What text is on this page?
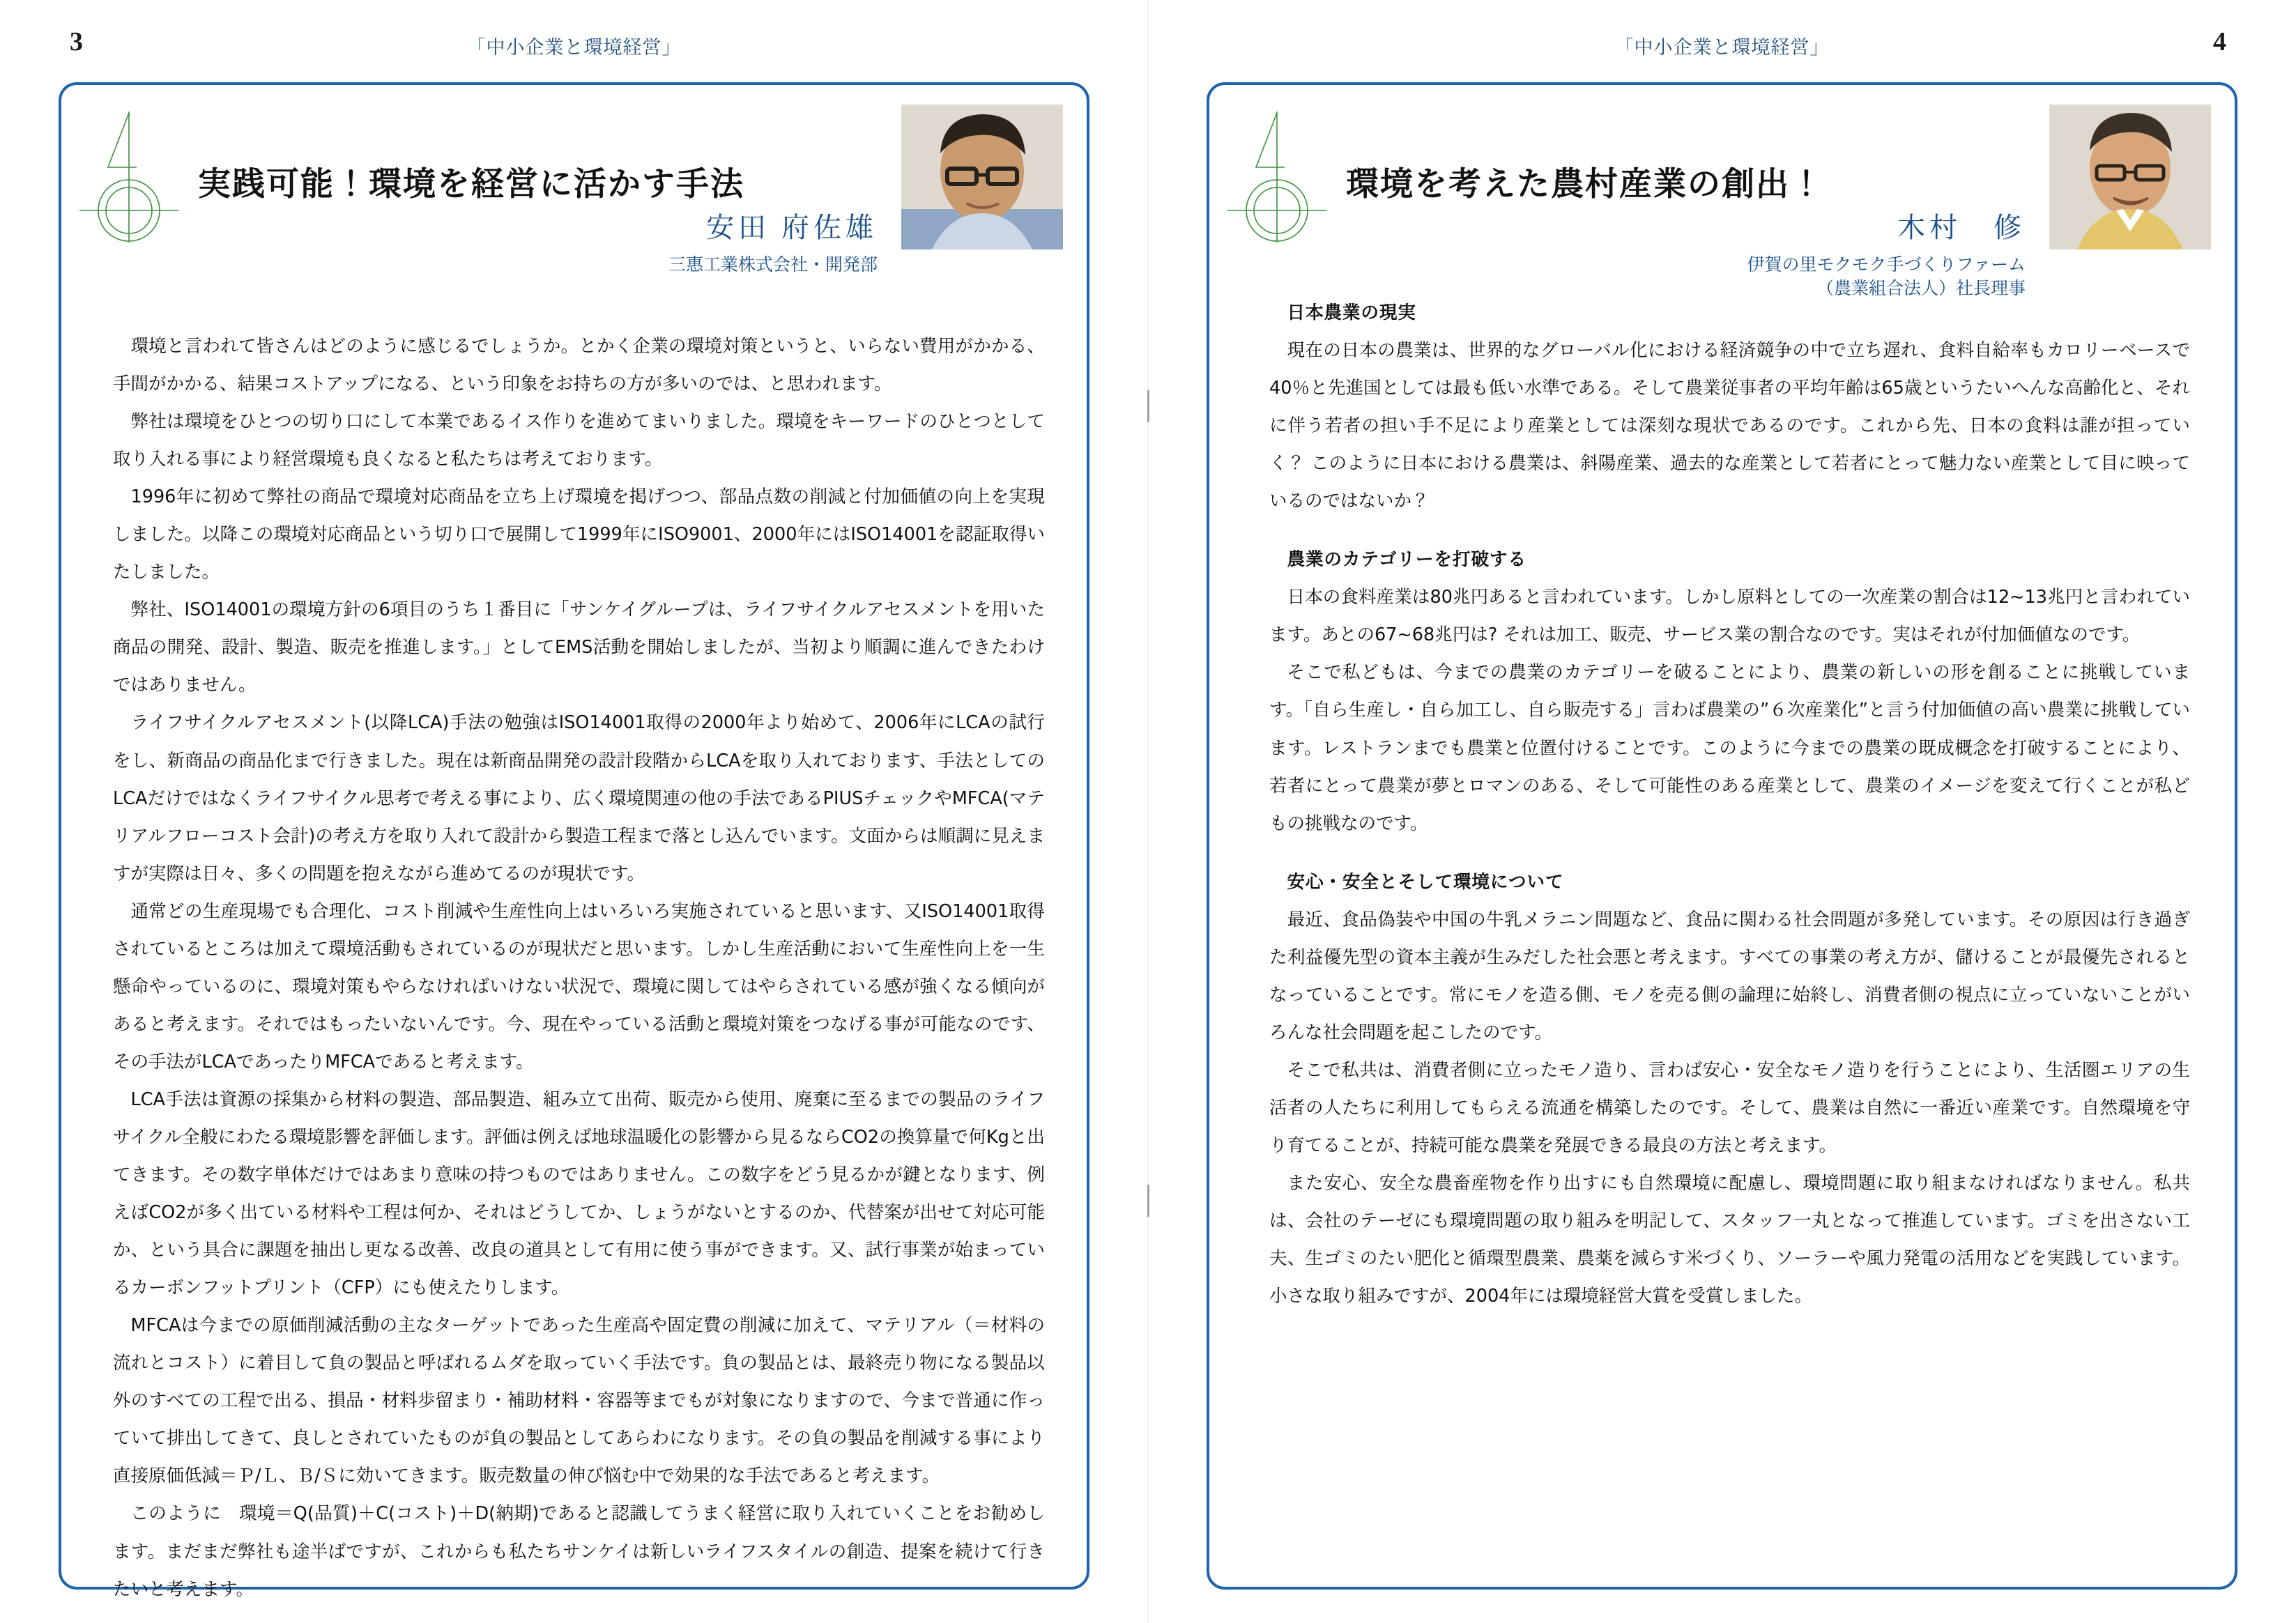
3	「中小企業と環境経営」
実践可能！環境を経営に活かす手法
安田 府佐雄
三惠工業株式会社・開発部

環境と言われて皆さんはどのように感じるでしょうか。とかく企業の環境対策というと、いらない費用がかかる、手間がかかる、結果コストアップになる、という印象をお持ちの方が多いのでは、と思われます。

弊社は環境をひとつの切り口にして本業であるイス作りを進めてまいりました。環境をキーワードのひとつとして取り入れる事により経営環境も良くなると私たちは考えております。

1996年に初めて弊社の商品で環境対応商品を立ち上げ環境を掲げつつ、部品点数の削減と付加価値の向上を実現しました。以降この環境対応商品という切り口で展開して1999年にISO9001、2000年にはISO14001を認証取得いたしました。

弊社、ISO14001の環境方針の6項目のうち１番目に「サンケイグループは、ライフサイクルアセスメントを用いた商品の開発、設計、製造、販売を推進します。」としてEMS活動を開始しましたが、当初より順調に進んできたわけではありません。

ライフサイクルアセスメント(以降LCA)手法の勉強はISO14001取得の2000年より始めて、2006年にLCAの試行をし、新商品の商品化まで行きました。現在は新商品開発の設計段階からLCAを取り入れております、手法としてのLCAだけではなくライフサイクル思考で考える事により、広く環境関連の他の手法であるPIUSチェックやMFCA(マテリアルフローコスト会計)の考え方を取り入れて設計から製造工程まで落とし込んでいます。文面からは順調に見えますが実際は日々、多くの問題を抱えながら進めてるのが現状です。

通常どの生産現場でも合理化、コスト削減や生産性向上はいろいろ実施されていると思います、又ISO14001取得されているところは加えて環境活動もされているのが現状だと思います。しかし生産活動において生産性向上を一生懸命やっているのに、環境対策もやらなければいけない状況で、環境に関してはやらされている感が強くなる傾向があると考えます。それではもったいないんです。今、現在やっている活動と環境対策をつなげる事が可能なのです、その手法がLCAであったりMFCAであると考えます。

LCA手法は資源の採集から材料の製造、部品製造、組み立て出荷、販売から使用、廃棄に至るまでの製品のライフサイクル全般にわたる環境影響を評価します。評価は例えば地球温暖化の影響から見るならCO2の換算量で何Kgと出てきます。その数字単体だけではあまり意味の持つものではありません。この数字をどう見るかが鍵となります、例えばCO2が多く出ている材料や工程は何か、それはどうしてか、しょうがないとするのか、代替案が出せて対応可能か、という具合に課題を抽出し更なる改善、改良の道具として有用に使う事ができます。又、試行事業が始まっているカーボンフットプリント（CFP）にも使えたりします。

MFCAは今までの原価削減活動の主なターゲットであった生産高や固定費の削減に加えて、マテリアル（＝材料の流れとコスト）に着目して負の製品と呼ばれるムダを取っていく手法です。負の製品とは、最終売り物になる製品以外のすべての工程で出る、損品・材料歩留まり・補助材料・容器等までもが対象になりますので、今まで普通に作っていて排出してきて、良しとされていたものが負の製品としてあらわになります。その負の製品を削減する事により直接原価低減＝Ｐ/Ｌ、Ｂ/Ｓに効いてきます。販売数量の伸び悩む中で効果的な手法であると考えます。

このように　環境＝Q(品質)＋C(コスト)＋D(納期)であると認識してうまく経営に取り入れていくことをお勧めします。まだまだ弊社も途半ばですが、これからも私たちサンケイは新しいライフスタイルの創造、提案を続けて行きたいと考えます。

4
「中小企業と環境経営」
環境を考えた農村産業の創出！
木村　修
伊賀の里モクモク手づくりファーム
（農業組合法人）社長理事

日本農業の現実

現在の日本の農業は、世界的なグローバル化における経済競争の中で立ち遅れ、食料自給率もカロリーベースで40％と先進国としては最も低い水準である。そして農業従事者の平均年齢は65歳というたいへんな高齢化と、それに伴う若者の担い手不足により産業としては深刻な現状であるのです。これから先、日本の食料は誰が担っていく？ このように日本における農業は、斜陽産業、過去的な産業として若者にとって魅力ない産業として目に映っているのではないか？

農業のカテゴリーを打破する

日本の食料産業は80兆円あると言われています。しかし原料としての一次産業の割合は12~13兆円と言われています。あとの67~68兆円は? それは加工、販売、サービス業の割合なのです。実はそれが付加価値なのです。

そこで私どもは、今までの農業のカテゴリーを破ることにより、農業の新しいの形を創ることに挑戦しています。「自ら生産し・自ら加工し、自ら販売する」言わば農業の”６次産業化”と言う付加価値の高い農業に挑戦しています。レストランまでも農業と位置付けることです。このように今までの農業の既成概念を打破することにより、若者にとって農業が夢とロマンのある、そして可能性のある産業として、農業のイメージを変えて行くことが私どもの挑戦なのです。

安心・安全とそして環境について

最近、食品偽装や中国の牛乳メラニン問題など、食品に関わる社会問題が多発しています。その原因は行き過ぎた利益優先型の資本主義が生みだした社会悪と考えます。すべての事業の考え方が、儲けることが最優先されるとなっていることです。常にモノを造る側、モノを売る側の論理に始終し、消費者側の視点に立っていないことがいろんな社会問題を起こしたのです。

そこで私共は、消費者側に立ったモノ造り、言わば安心・安全なモノ造りを行うことにより、生活圏エリアの生活者の人たちに利用してもらえる流通を構築したのです。そして、農業は自然に一番近い産業です。自然環境を守り育てることが、持続可能な農業を発展できる最良の方法と考えます。

また安心、安全な農畜産物を作り出すにも自然環境に配慮し、環境問題に取り組まなければなりません。私共は、会社のテーゼにも環境問題の取り組みを明記して、スタッフ一丸となって推進しています。ゴミを出さない工夫、生ゴミのたい肥化と循環型農業、農薬を減らす米づくり、ソーラーや風力発電の活用などを実践しています。小さな取り組みですが、2004年には環境経営大賞を受賞しました。
